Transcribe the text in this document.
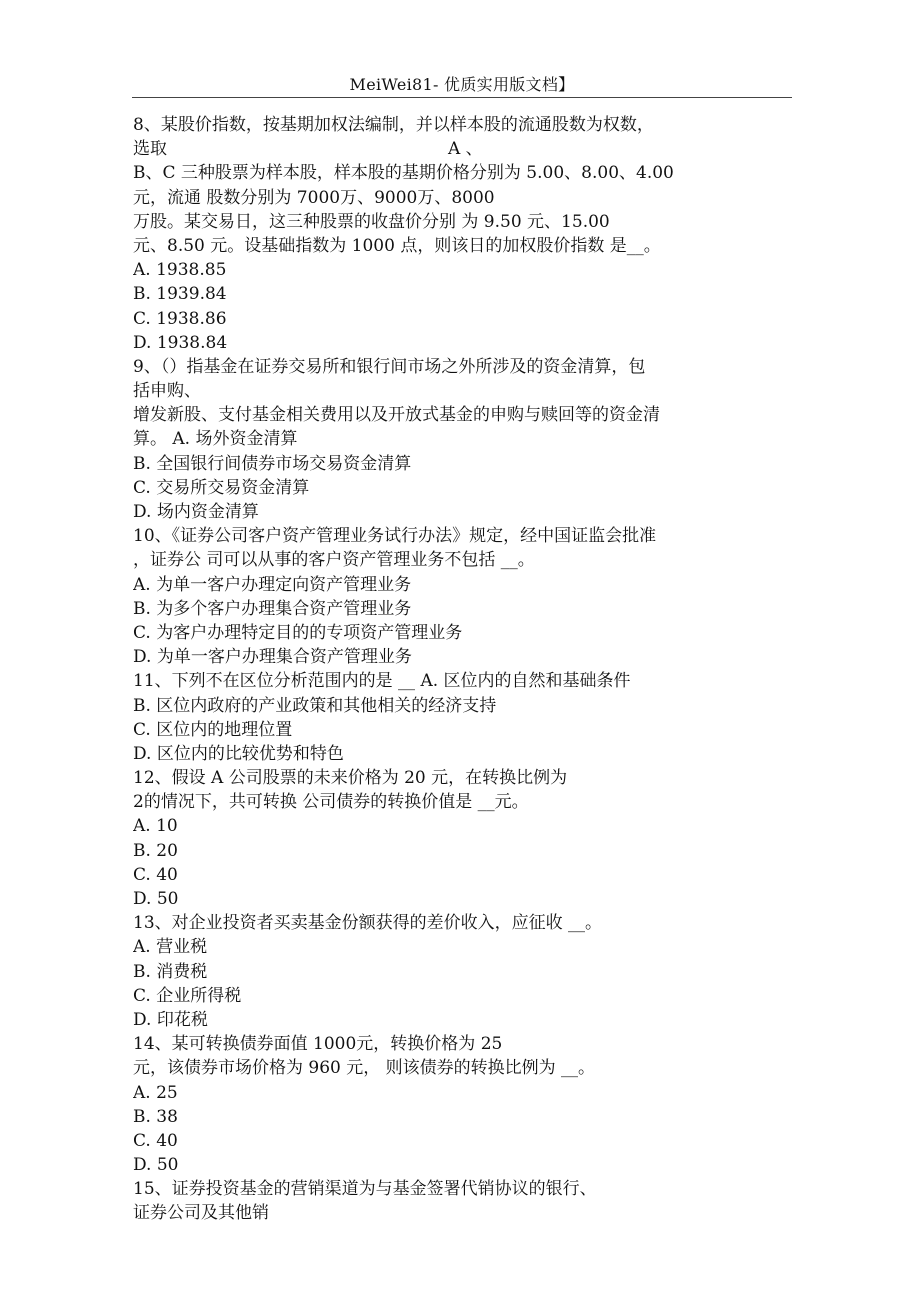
MeiWei81- 优质实用版文档】
8、某股价指数，按基期加权法编制，并以样本股的流通股数为权数，
选取                                                    A 、
B、C 三种股票为样本股，样本股的基期价格分别为 5.00、8.00、4.00
元，流通 股数分别为 7000万、9000万、8000
万股。某交易日，这三种股票的收盘价分别 为 9.50 元、15.00
元、8.50 元。设基础指数为 1000 点，则该日的加权股价指数 是__。
A. 1938.85
B. 1939.84
C. 1938.86
D. 1938.84
9、（）指基金在证券交易所和银行间市场之外所涉及的资金清算，包
括申购、
增发新股、支付基金相关费用以及开放式基金的申购与赎回等的资金清
算。 A. 场外资金清算
B. 全国银行间债券市场交易资金清算
C. 交易所交易资金清算
D. 场内资金清算
10、《证券公司客户资产管理业务试行办法》规定，经中国证监会批准
，证券公 司可以从事的客户资产管理业务不包括 __。
A. 为单一客户办理定向资产管理业务
B. 为多个客户办理集合资产管理业务
C. 为客户办理特定目的的专项资产管理业务
D. 为单一客户办理集合资产管理业务
11、下列不在区位分析范围内的是 __ A. 区位内的自然和基础条件
B. 区位内政府的产业政策和其他相关的经济支持
C. 区位内的地理位置
D. 区位内的比较优势和特色
12、假设 A 公司股票的未来价格为 20 元，在转换比例为
2的情况下，共可转换 公司债券的转换价值是 __元。
A. 10
B. 20
C. 40
D. 50
13、对企业投资者买卖基金份额获得的差价收入，应征收 __。
A. 营业税
B. 消费税
C. 企业所得税
D. 印花税
14、某可转换债券面值 1000元，转换价格为 25
元，该债券市场价格为 960 元， 则该债券的转换比例为 __。
A. 25
B. 38
C. 40
D. 50
15、证券投资基金的营销渠道为与基金签署代销协议的银行、
证券公司及其他销
